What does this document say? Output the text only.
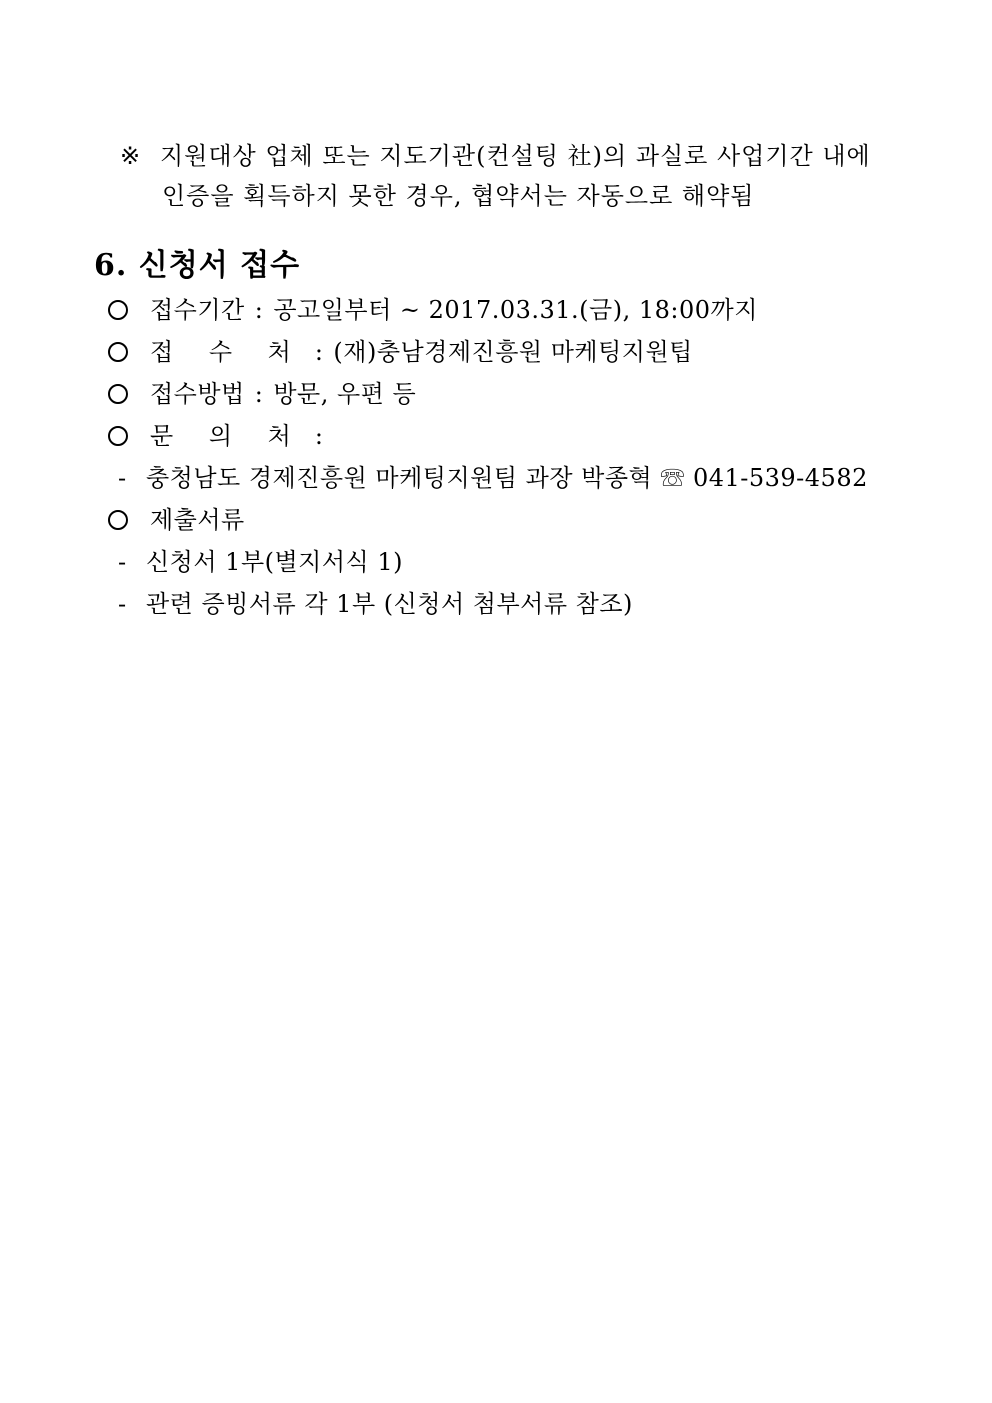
※ 지원대상 업체 또는 지도기관(컨설팅 社)의 과실로 사업기간 내에
인증을 획득하지 못한 경우, 협약서는 자동으로 해약됨
6. 신청서 접수
접수기간 : 공고일부터 ~ 2017.03.31.(금), 18:00까지
접 수 처 : (재)충남경제진흥원 마케팅지원팁
접수방법 : 방문, 우편 등
문 의 처 :
- 충청남도 경제진흥원 마케팅지원팀 과장 박종혁 ☏ 041-539-4582
제출서류
- 신청서 1부(별지서식 1)
- 관련 증빙서류 각 1부 (신청서 첨부서류 참조)
